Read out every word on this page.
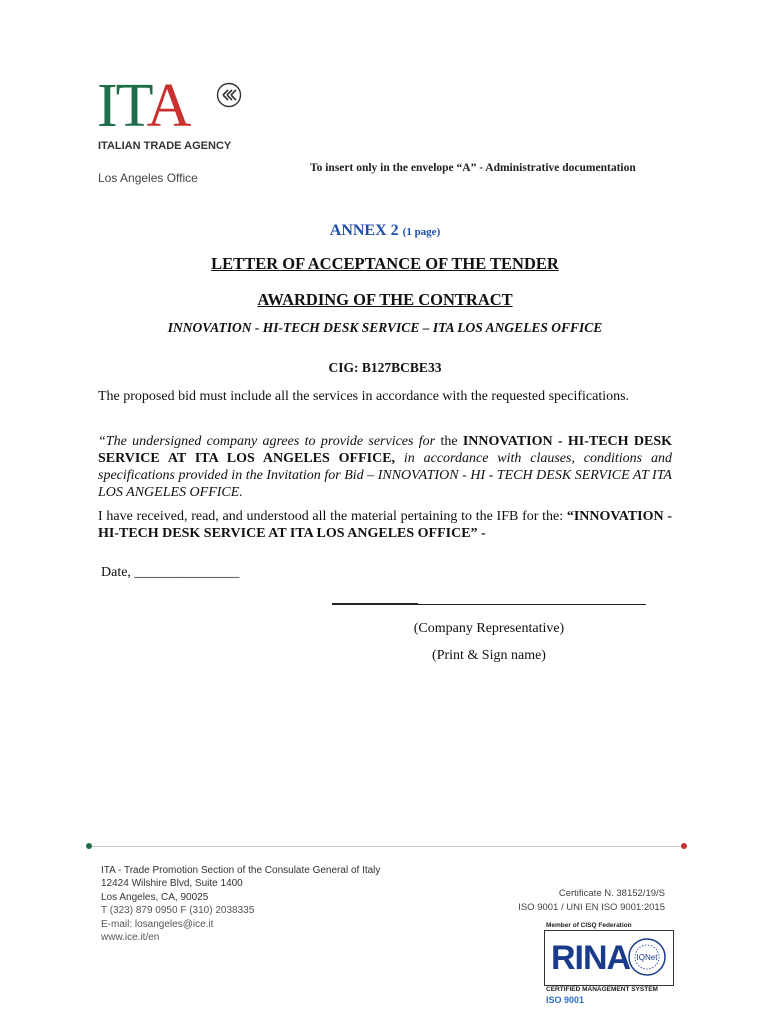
ITA
ITALIAN TRADE AGENCY
Los Angeles Office
To insert only in the envelope “A” - Administrative documentation
ANNEX 2 (1 page)
LETTER OF ACCEPTANCE OF THE TENDER
AWARDING OF THE CONTRACT
INNOVATION - HI-TECH DESK SERVICE – ITA LOS ANGELES OFFICE
CIG: B127BCBE33
The proposed bid must include all the services in accordance with the requested specifications.
“The undersigned company agrees to provide services for the INNOVATION - HI-TECH DESK SERVICE AT ITA LOS ANGELES OFFICE, in accordance with clauses, conditions and specifications provided in the Invitation for Bid – INNOVATION - HI - TECH DESK SERVICE AT ITA LOS ANGELES OFFICE.
I have received, read, and understood all the material pertaining to the IFB for the: “INNOVATION - HI-TECH DESK SERVICE AT ITA LOS ANGELES OFFICE” -
Date, _______________
(Company Representative)
(Print & Sign name)
ITA - Trade Promotion Section of the Consulate General of Italy
12424 Wilshire Blvd, Suite 1400
Los Angeles, CA, 90025
T (323) 879 0950 F (310) 2038335
E-mail: losangeles@ice.it
www.ice.it/en
Certificate N. 38152/19/S
ISO 9001 / UNI EN ISO 9001:2015
Member of CISQ Federation
RINA IQNet
CERTIFIED MANAGEMENT SYSTEM
ISO 9001
